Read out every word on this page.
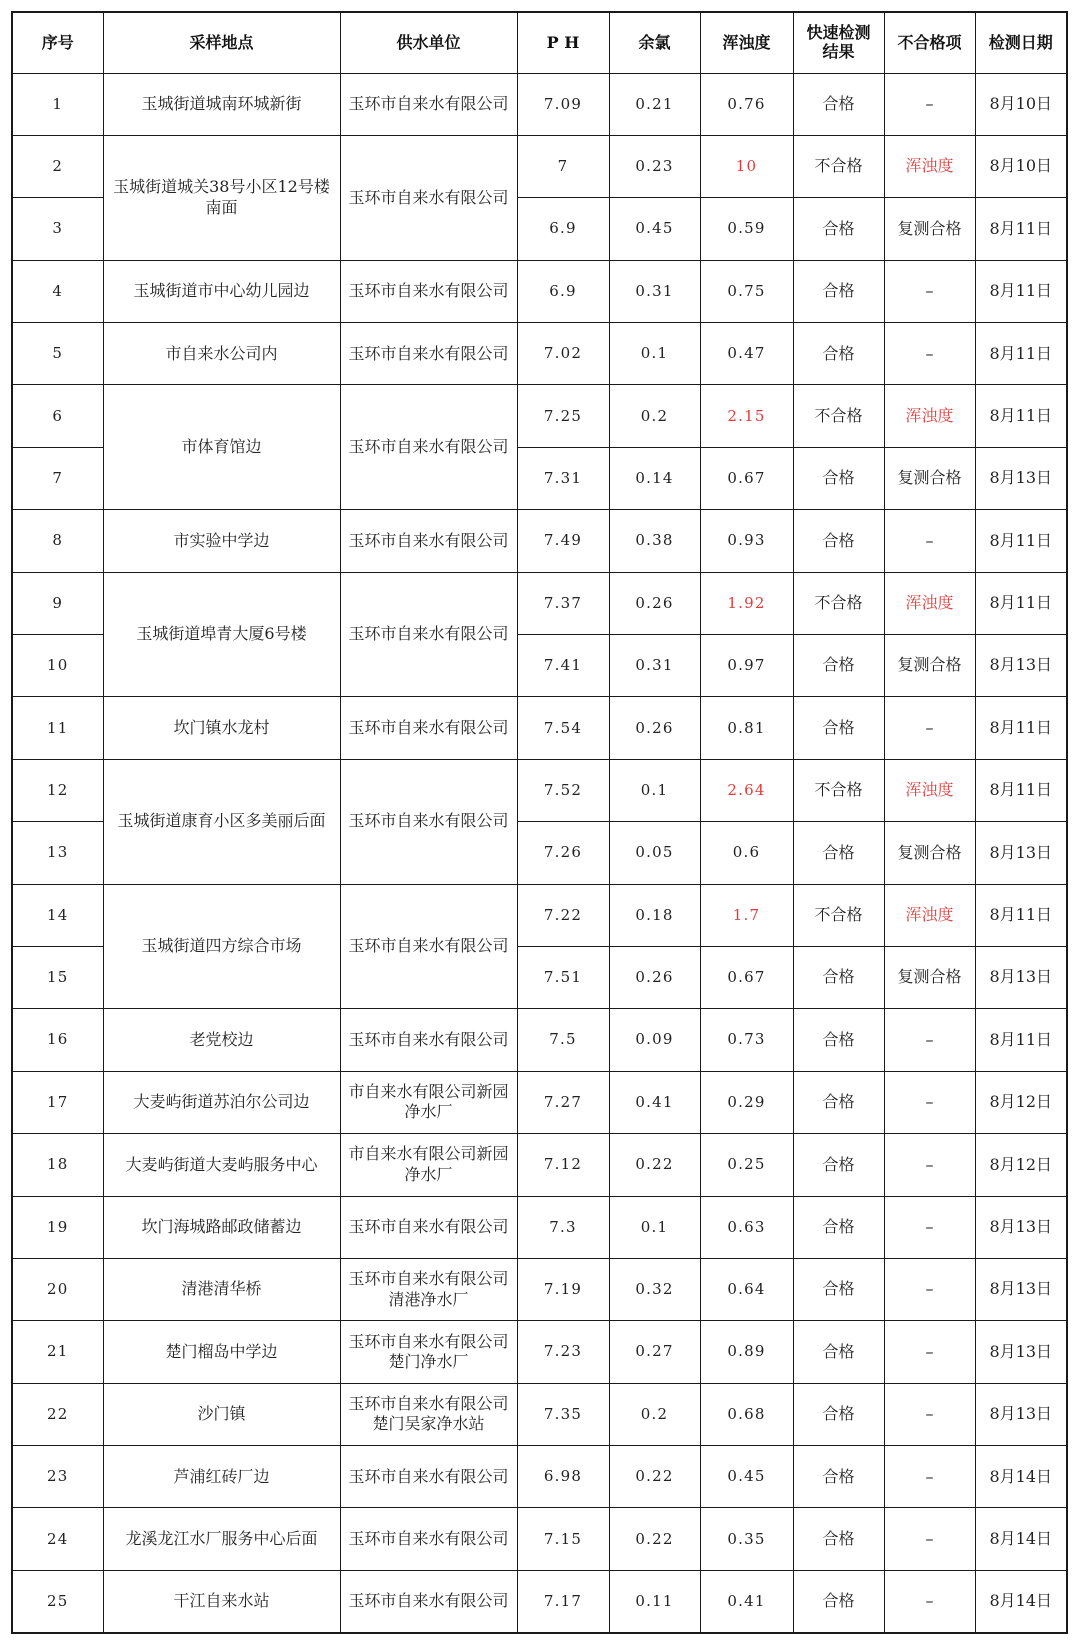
序号	采样地点	供水单位	P H	余氯	浑浊度	快速检测结果	不合格项	检测日期
1	玉城街道城南环城新街	玉环市自来水有限公司	7.09	0.21	0.76	合格	–	8月10日
2	玉城街道城关38号小区12号楼南面	玉环市自来水有限公司	7	0.23	10	不合格	浑浊度	8月10日
3			6.9	0.45	0.59	合格	复测合格	8月11日
4	玉城街道市中心幼儿园边	玉环市自来水有限公司	6.9	0.31	0.75	合格	–	8月11日
5	市自来水公司内	玉环市自来水有限公司	7.02	0.1	0.47	合格	–	8月11日
6	市体育馆边	玉环市自来水有限公司	7.25	0.2	2.15	不合格	浑浊度	8月11日
7			7.31	0.14	0.67	合格	复测合格	8月13日
8	市实验中学边	玉环市自来水有限公司	7.49	0.38	0.93	合格	–	8月11日
9	玉城街道埠青大厦6号楼	玉环市自来水有限公司	7.37	0.26	1.92	不合格	浑浊度	8月11日
10			7.41	0.31	0.97	合格	复测合格	8月13日
11	坎门镇水龙村	玉环市自来水有限公司	7.54	0.26	0.81	合格	–	8月11日
12	玉城街道康育小区多美丽后面	玉环市自来水有限公司	7.52	0.1	2.64	不合格	浑浊度	8月11日
13			7.26	0.05	0.6	合格	复测合格	8月13日
14	玉城街道四方综合市场	玉环市自来水有限公司	7.22	0.18	1.7	不合格	浑浊度	8月11日
15			7.51	0.26	0.67	合格	复测合格	8月13日
16	老党校边	玉环市自来水有限公司	7.5	0.09	0.73	合格	–	8月11日
17	大麦屿街道苏泊尔公司边	市自来水有限公司新园净水厂	7.27	0.41	0.29	合格	–	8月12日
18	大麦屿街道大麦屿服务中心	市自来水有限公司新园净水厂	7.12	0.22	0.25	合格	–	8月12日
19	坎门海城路邮政储蓄边	玉环市自来水有限公司	7.3	0.1	0.63	合格	–	8月13日
20	清港清华桥	玉环市自来水有限公司清港净水厂	7.19	0.32	0.64	合格	–	8月13日
21	楚门榴岛中学边	玉环市自来水有限公司楚门净水厂	7.23	0.27	0.89	合格	–	8月13日
22	沙门镇	玉环市自来水有限公司楚门吴家净水站	7.35	0.2	0.68	合格	–	8月13日
23	芦浦红砖厂边	玉环市自来水有限公司	6.98	0.22	0.45	合格	–	8月14日
24	龙溪龙江水厂服务中心后面	玉环市自来水有限公司	7.15	0.22	0.35	合格	–	8月14日
25	干江自来水站	玉环市自来水有限公司	7.17	0.11	0.41	合格	–	8月14日
